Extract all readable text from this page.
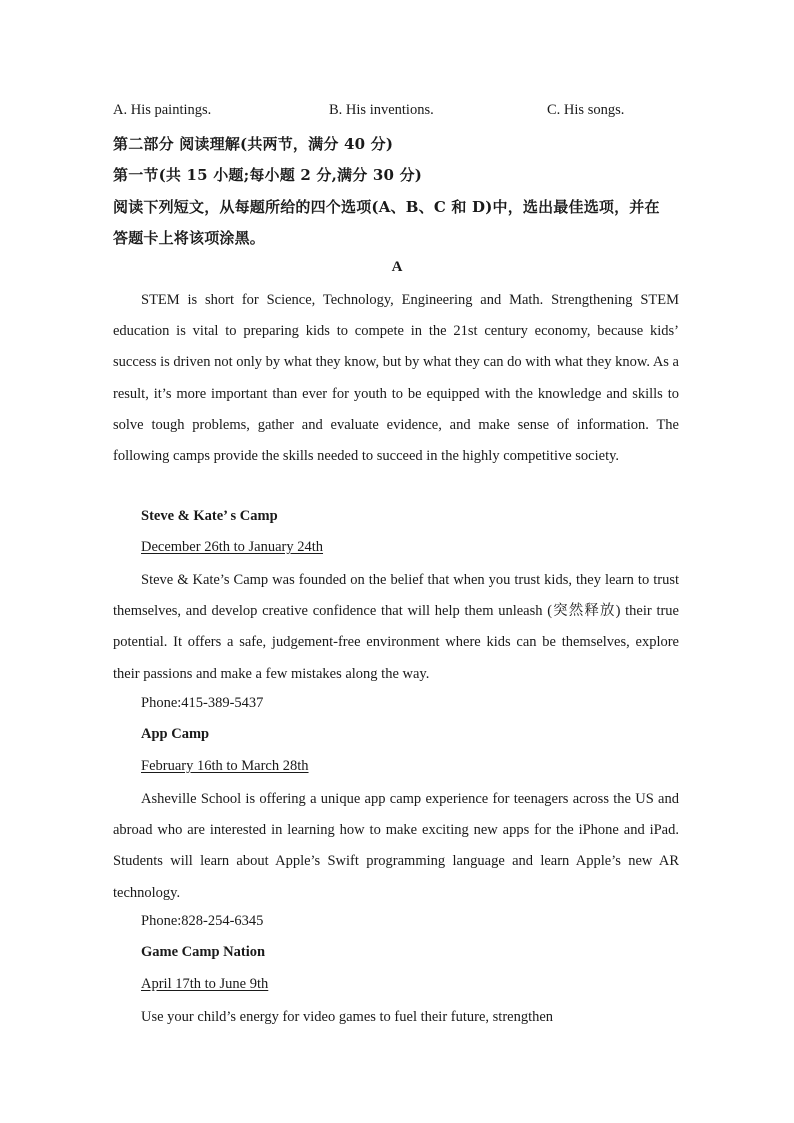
A. His paintings.	B. His inventions.	C. His songs.
第二部分 阅读理解(共两节，满分 40 分)
第一节(共 15 小题;每小题 2 分,满分 30 分)
阅读下列短文，从每题所给的四个选项(A、B、C 和 D)中，选出最佳选项，并在
答题卡上将该项涂黑。
A
STEM is short for Science, Technology, Engineering and Math. Strengthening STEM education is vital to preparing kids to compete in the 21st century economy, because kids’ success is driven not only by what they know, but by what they can do with what they know. As a result, it’s more important than ever for youth to be equipped with the knowledge and skills to solve tough problems, gather and evaluate evidence, and make sense of information. The following camps provide the skills needed to succeed in the highly competitive society.
Steve & Kate’ s Camp
December 26th to January 24th
Steve & Kate’s Camp was founded on the belief that when you trust kids, they learn to trust themselves, and develop creative confidence that will help them unleash (突然释放) their true potential. It offers a safe, judgement-free environment where kids can be themselves, explore their passions and make a few mistakes along the way.
Phone:415-389-5437
App Camp
February 16th to March 28th
Asheville School is offering a unique app camp experience for teenagers across the US and abroad who are interested in learning how to make exciting new apps for the iPhone and iPad. Students will learn about Apple’s Swift programming language and learn Apple’s new AR technology.
Phone:828-254-6345
Game Camp Nation
April 17th to June 9th
Use your child’s energy for video games to fuel their future, strengthen
